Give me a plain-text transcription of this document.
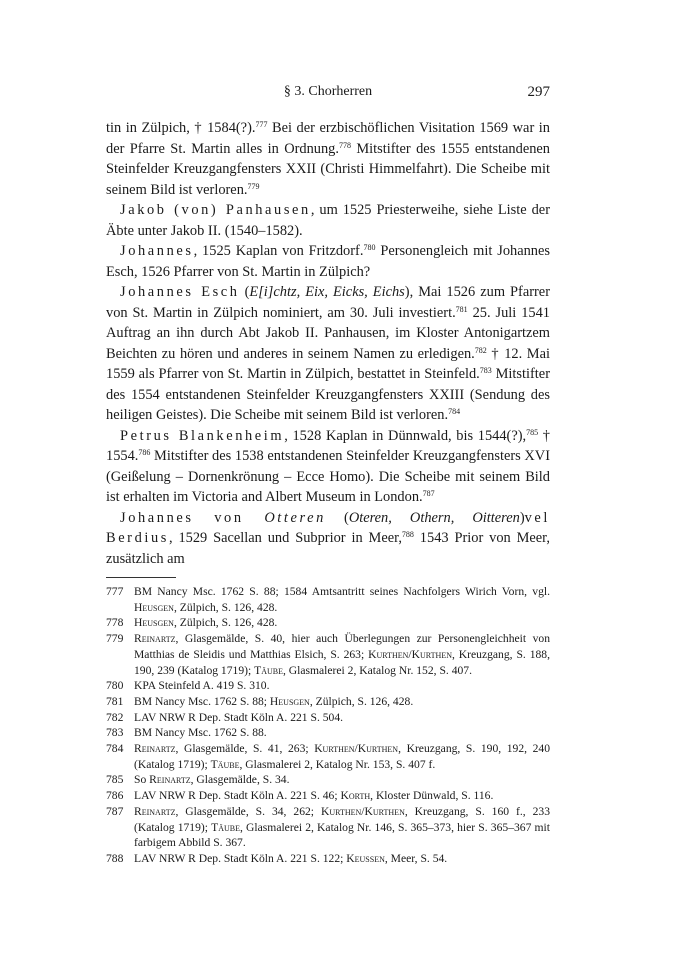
§ 3. Chorherren	297

tin in Zülpich, † 1584(?).$^{777}$ Bei der erzbischöflichen Visitation 1569 war in der Pfarre St. Martin alles in Ordnung.$^{778}$ Mitstifter des 1555 entstandenen Steinfelder Kreuzgangfensters XXII (Christi Himmelfahrt). Die Scheibe mit seinem Bild ist verloren.$^{779}$

Jakob (von) Panhausen, um 1525 Priesterweihe, siehe Liste der Äbte unter Jakob II. (1540–1582).

Johannes, 1525 Kaplan von Fritzdorf.$^{780}$ Personengleich mit Johannes Esch, 1526 Pfarrer von St. Martin in Zülpich?

Johannes Esch (E[i]chtz, Eix, Eicks, Eichs), Mai 1526 zum Pfarrer von St. Martin in Zülpich nominiert, am 30. Juli investiert.$^{781}$ 25. Juli 1541 Auftrag an ihn durch Abt Jakob II. Panhausen, im Kloster Antonigartzem Beichten zu hören und anderes in seinem Namen zu erledigen.$^{782}$ † 12. Mai 1559 als Pfarrer von St. Martin in Zülpich, bestattet in Steinfeld.$^{783}$ Mitstifter des 1554 entstandenen Steinfelder Kreuzgangfensters XXIII (Sendung des heiligen Geistes). Die Scheibe mit seinem Bild ist verloren.$^{784}$

Petrus Blankenheim, 1528 Kaplan in Dünnwald, bis 1544(?),$^{785}$ † 1554.$^{786}$ Mitstifter des 1538 entstandenen Steinfelder Kreuzgangfensters XVI (Geißelung – Dornenkrönung – Ecce Homo). Die Scheibe mit seinem Bild ist erhalten im Victoria and Albert Museum in London.$^{787}$

Johannes von Otteren (Oteren, Othern, Oitteren)vel Berdius, 1529 Sacellan und Subprior in Meer,$^{788}$ 1543 Prior von Meer, zusätzlich am

777 BM Nancy Msc. 1762 S. 88; 1584 Amtsantritt seines Nachfolgers Wirich Vorn, vgl. Heusgen, Zülpich, S. 126, 428.
778 Heusgen, Zülpich, S. 126, 428.
779 Reinartz, Glasgemälde, S. 40, hier auch Überlegungen zur Personengleichheit von Matthias de Sleidis und Matthias Elsich, S. 263; Kurthen/Kurthen, Kreuzgang, S. 188, 190, 239 (Katalog 1719); Täube, Glasmalerei 2, Katalog Nr. 152, S. 407.
780 KPA Steinfeld A. 419 S. 310.
781 BM Nancy Msc. 1762 S. 88; Heusgen, Zülpich, S. 126, 428.
782 LAV NRW R Dep. Stadt Köln A. 221 S. 504.
783 BM Nancy Msc. 1762 S. 88.
784 Reinartz, Glasgemälde, S. 41, 263; Kurthen/Kurthen, Kreuzgang, S. 190, 192, 240 (Katalog 1719); Täube, Glasmalerei 2, Katalog Nr. 153, S. 407 f.
785 So Reinartz, Glasgemälde, S. 34.
786 LAV NRW R Dep. Stadt Köln A. 221 S. 46; Korth, Kloster Dünwald, S. 116.
787 Reinartz, Glasgemälde, S. 34, 262; Kurthen/Kurthen, Kreuzgang, S. 160 f., 233 (Katalog 1719); Täube, Glasmalerei 2, Katalog Nr. 146, S. 365–373, hier S. 365–367 mit farbigem Abbild S. 367.
788 LAV NRW R Dep. Stadt Köln A. 221 S. 122; Keussen, Meer, S. 54.
